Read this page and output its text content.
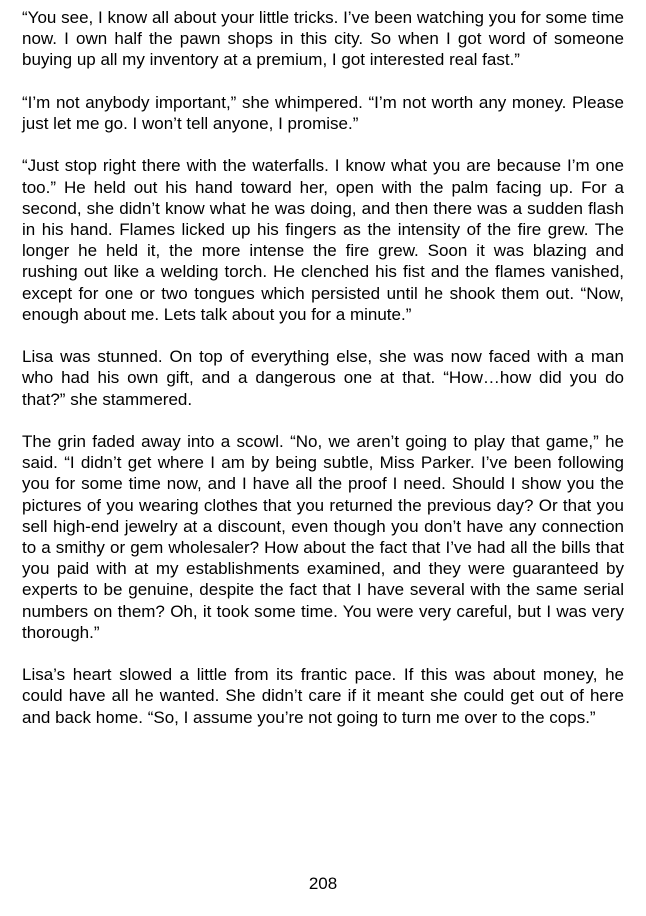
“You see, I know all about your little tricks. I’ve been watching you for some time now. I own half the pawn shops in this city. So when I got word of someone buying up all my inventory at a premium, I got interested real fast.”

“I’m not anybody important,” she whimpered. “I’m not worth any money. Please just let me go. I won’t tell anyone, I promise.”

“Just stop right there with the waterfalls. I know what you are because I’m one too.” He held out his hand toward her, open with the palm facing up. For a second, she didn’t know what he was doing, and then there was a sudden flash in his hand. Flames licked up his fingers as the intensity of the fire grew. The longer he held it, the more intense the fire grew. Soon it was blazing and rushing out like a welding torch. He clenched his fist and the flames vanished, except for one or two tongues which persisted until he shook them out. “Now, enough about me. Lets talk about you for a minute.”

Lisa was stunned. On top of everything else, she was now faced with a man who had his own gift, and a dangerous one at that. “How…how did you do that?” she stammered.

The grin faded away into a scowl. “No, we aren’t going to play that game,” he said. “I didn’t get where I am by being subtle, Miss Parker. I’ve been following you for some time now, and I have all the proof I need. Should I show you the pictures of you wearing clothes that you returned the previous day? Or that you sell high-end jewelry at a discount, even though you don’t have any connection to a smithy or gem wholesaler? How about the fact that I’ve had all the bills that you paid with at my establishments examined, and they were guaranteed by experts to be genuine, despite the fact that I have several with the same serial numbers on them? Oh, it took some time. You were very careful, but I was very thorough.”

Lisa’s heart slowed a little from its frantic pace. If this was about money, he could have all he wanted. She didn’t care if it meant she could get out of here and back home. “So, I assume you’re not going to turn me over to the cops.”

208
